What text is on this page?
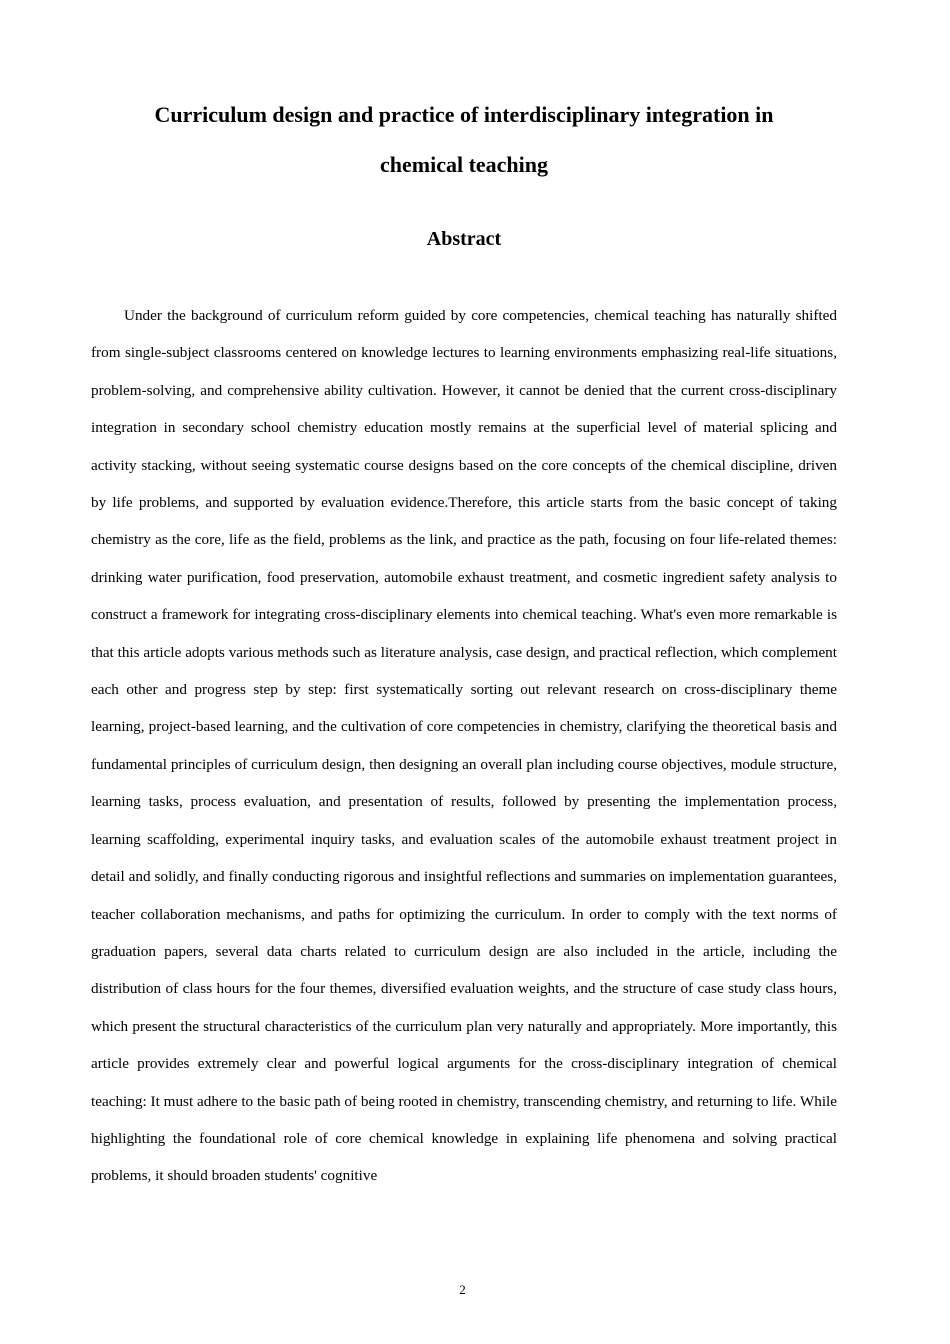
Curriculum design and practice of interdisciplinary integration in
chemical teaching
Abstract

Under the background of curriculum reform guided by core competencies, chemical teaching has naturally shifted from single-subject classrooms centered on knowledge lectures to learning environments emphasizing real-life situations, problem-solving, and comprehensive ability cultivation. However, it cannot be denied that the current cross-disciplinary integration in secondary school chemistry education mostly remains at the superficial level of material splicing and activity stacking, without seeing systematic course designs based on the core concepts of the chemical discipline, driven by life problems, and supported by evaluation evidence.Therefore, this article starts from the basic concept of taking chemistry as the core, life as the field, problems as the link, and practice as the path, focusing on four life-related themes: drinking water purification, food preservation, automobile exhaust treatment, and cosmetic ingredient safety analysis to construct a framework for integrating cross-disciplinary elements into chemical teaching. What's even more remarkable is that this article adopts various methods such as literature analysis, case design, and practical reflection, which complement each other and progress step by step: first systematically sorting out relevant research on cross-disciplinary theme learning, project-based learning, and the cultivation of core competencies in chemistry, clarifying the theoretical basis and fundamental principles of curriculum design, then designing an overall plan including course objectives, module structure, learning tasks, process evaluation, and presentation of results, followed by presenting the implementation process, learning scaffolding, experimental inquiry tasks, and evaluation scales of the automobile exhaust treatment project in detail and solidly, and finally conducting rigorous and insightful reflections and summaries on implementation guarantees, teacher collaboration mechanisms, and paths for optimizing the curriculum. In order to comply with the text norms of graduation papers, several data charts related to curriculum design are also included in the article, including the distribution of class hours for the four themes, diversified evaluation weights, and the structure of case study class hours, which present the structural characteristics of the curriculum plan very naturally and appropriately. More importantly, this article provides extremely clear and powerful logical arguments for the cross-disciplinary integration of chemical teaching: It must adhere to the basic path of being rooted in chemistry, transcending chemistry, and returning to life. While highlighting the foundational role of core chemical knowledge in explaining life phenomena and solving practical problems, it should broaden students' cognitive

2
